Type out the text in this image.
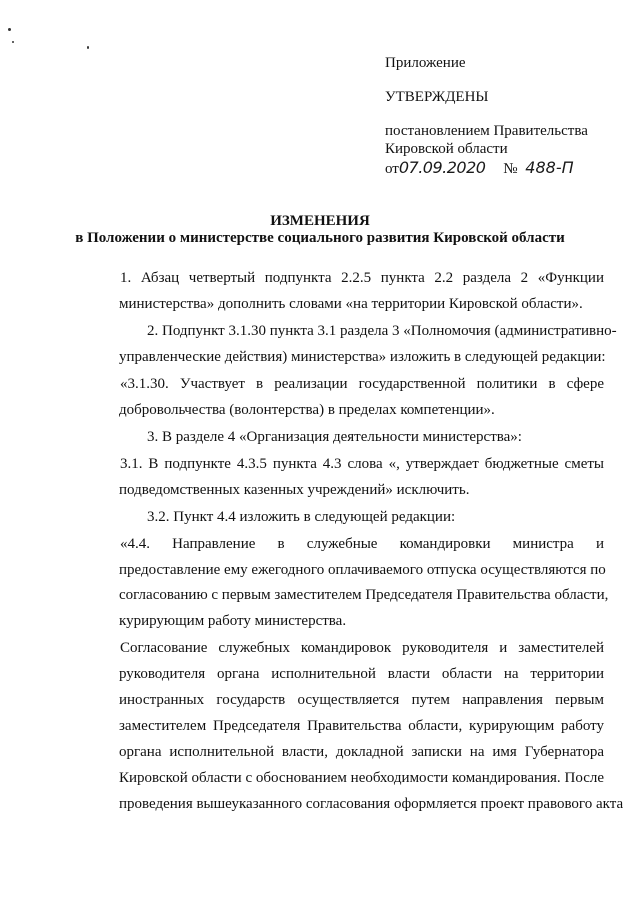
Приложение
УТВЕРЖДЕНЫ
постановлением Правительства
Кировской области
от07.09.2020 № 488-П
ИЗМЕНЕНИЯ
в Положении о министерстве социального развития Кировской области
1. Абзац четвертый подпункта 2.2.5 пункта 2.2 раздела 2 «Функции
министерства» дополнить словами «на территории Кировской области».
2. Подпункт 3.1.30 пункта 3.1 раздела 3 «Полномочия (административно-
управленческие действия) министерства» изложить в следующей редакции:
«3.1.30. Участвует в реализации государственной политики в сфере
добровольчества (волонтерства) в пределах компетенции».
3. В разделе 4 «Организация деятельности министерства»:
3.1. В подпункте 4.3.5 пункта 4.3 слова «, утверждает бюджетные сметы
подведомственных казенных учреждений» исключить.
3.2. Пункт 4.4 изложить в следующей редакции:
«4.4. Направление в служебные командировки министра и
предоставление ему ежегодного оплачиваемого отпуска осуществляются по
согласованию с первым заместителем Председателя Правительства области,
курирующим работу министерства.
Согласование служебных командировок руководителя и заместителей
руководителя органа исполнительной власти области на территории
иностранных государств осуществляется путем направления первым
заместителем Председателя Правительства области, курирующим работу
органа исполнительной власти, докладной записки на имя Губернатора
Кировской области с обоснованием необходимости командирования. После
проведения вышеуказанного согласования оформляется проект правового акта
